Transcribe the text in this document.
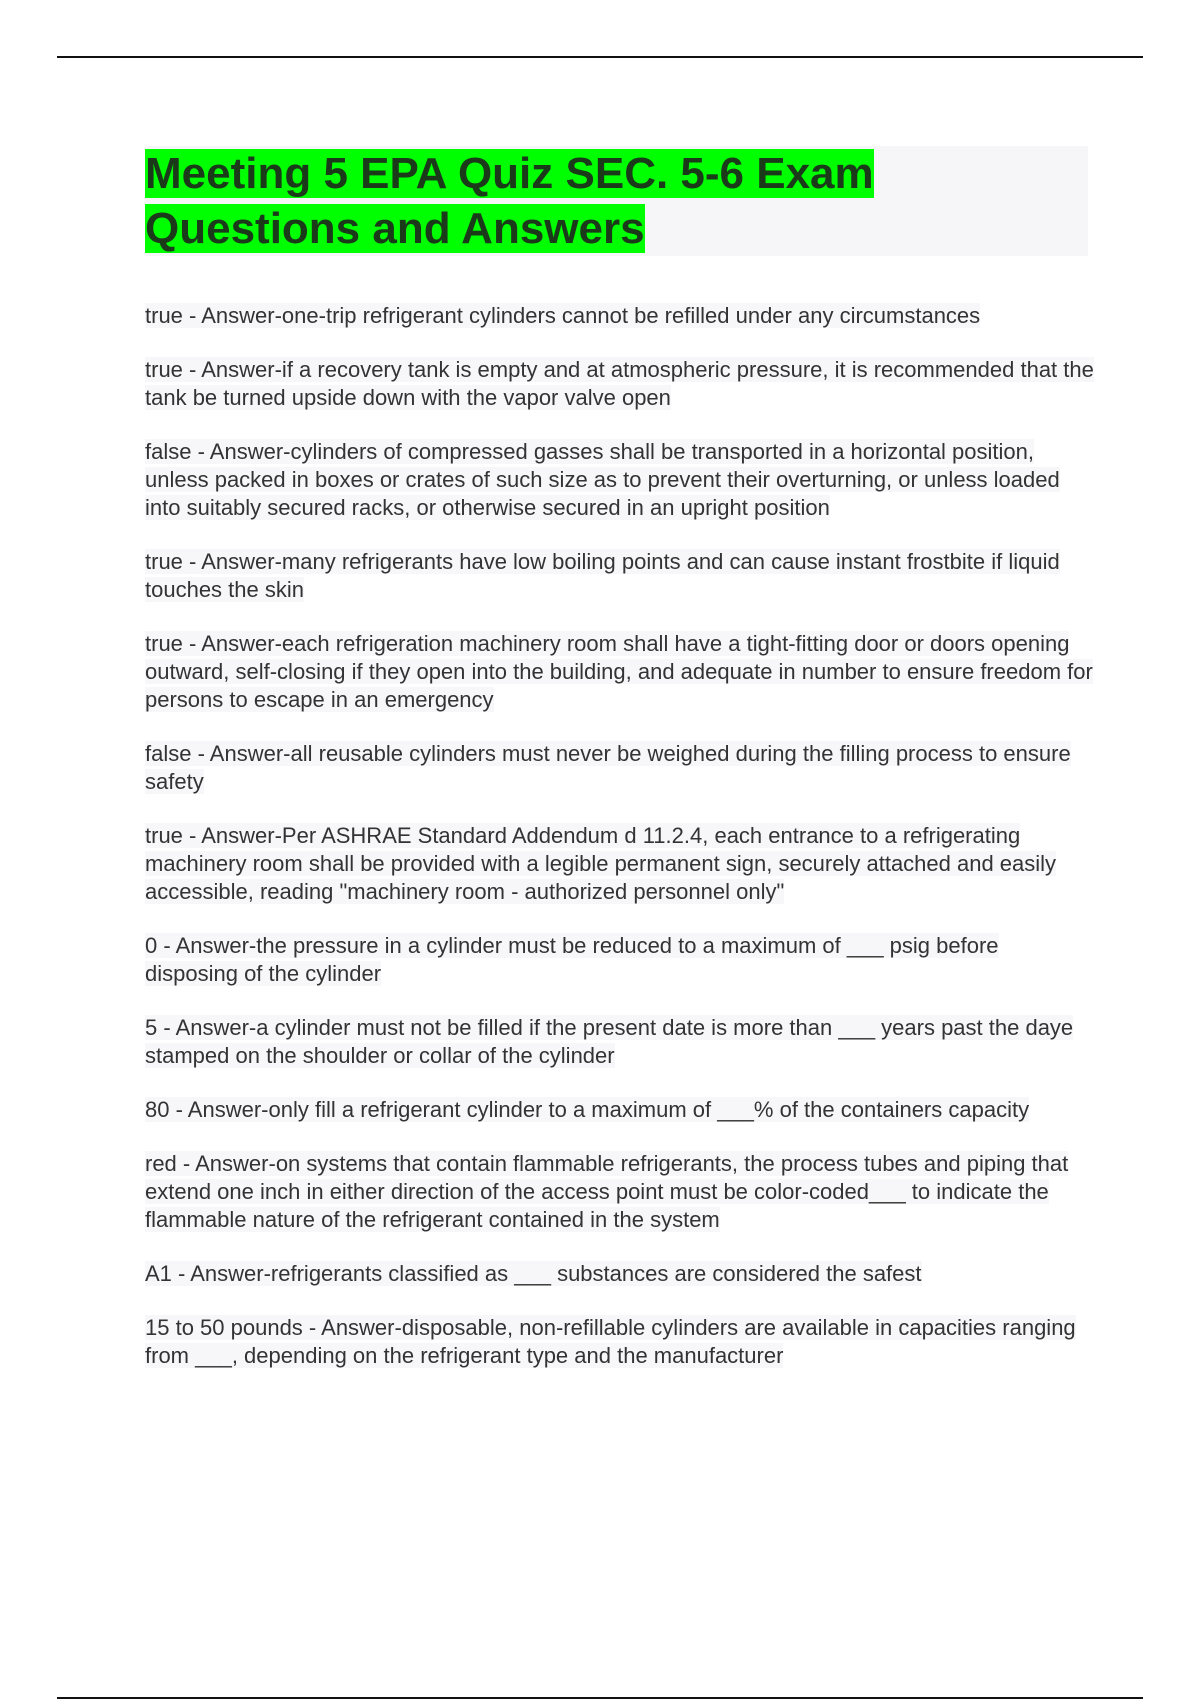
Meeting 5 EPA Quiz SEC. 5-6 Exam Questions and Answers

true - Answer-one-trip refrigerant cylinders cannot be refilled under any circumstances

true - Answer-if a recovery tank is empty and at atmospheric pressure, it is recommended that the tank be turned upside down with the vapor valve open

false - Answer-cylinders of compressed gasses shall be transported in a horizontal position, unless packed in boxes or crates of such size as to prevent their overturning, or unless loaded into suitably secured racks, or otherwise secured in an upright position

true - Answer-many refrigerants have low boiling points and can cause instant frostbite if liquid touches the skin

true - Answer-each refrigeration machinery room shall have a tight-fitting door or doors opening outward, self-closing if they open into the building, and adequate in number to ensure freedom for persons to escape in an emergency

false - Answer-all reusable cylinders must never be weighed during the filling process to ensure safety

true - Answer-Per ASHRAE Standard Addendum d 11.2.4, each entrance to a refrigerating machinery room shall be provided with a legible permanent sign, securely attached and easily accessible, reading "machinery room - authorized personnel only"

0 - Answer-the pressure in a cylinder must be reduced to a maximum of ___ psig before disposing of the cylinder

5 - Answer-a cylinder must not be filled if the present date is more than ___ years past the daye stamped on the shoulder or collar of the cylinder

80 - Answer-only fill a refrigerant cylinder to a maximum of ___% of the containers capacity

red - Answer-on systems that contain flammable refrigerants, the process tubes and piping that extend one inch in either direction of the access point must be color-coded___ to indicate the flammable nature of the refrigerant contained in the system

A1 - Answer-refrigerants classified as ___ substances are considered the safest

15 to 50 pounds - Answer-disposable, non-refillable cylinders are available in capacities ranging from ___, depending on the refrigerant type and the manufacturer
